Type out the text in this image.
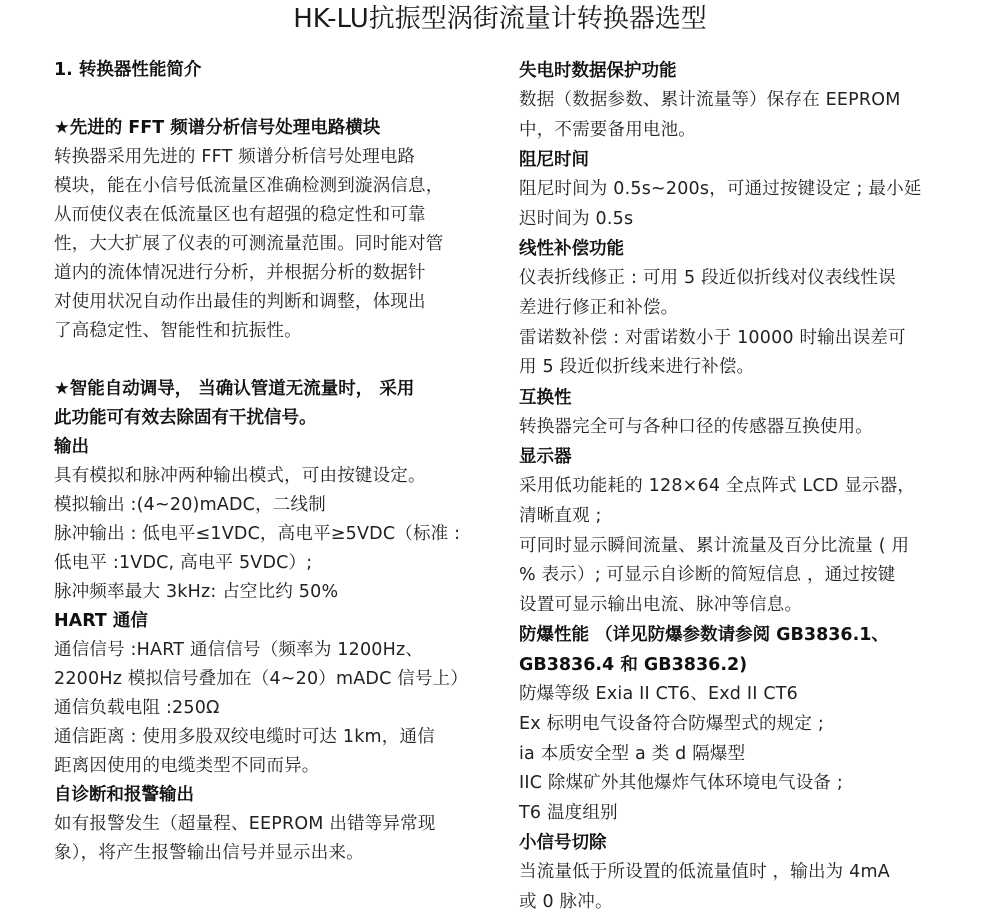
HK-LU抗振型涡街流量计转换器选型
1. 转换器性能简介
★先进的 FFT 频谱分析信号处理电路横块
转换器采用先进的 FFT 频谱分析信号处理电路
模块，能在小信号低流量区准确检测到漩涡信息，
从而使仪表在低流量区也有超强的稳定性和可靠
性，大大扩展了仪表的可测流量范围。同时能对管
道内的流体情况进行分析，并根据分析的数据针
对使用状况自动作出最佳的判断和调整，体现出
了高稳定性、智能性和抗振性。
★智能自动调导， 当确认管道无流量时， 采用
此功能可有效去除固有干扰信号。
输出
具有模拟和脉冲两种输出模式，可由按键设定。
模拟输出 :(4~20)mADC，二线制
脉冲输出 : 低电平≤1VDC，高电平≥5VDC（标准 :
低电平 :1VDC, 高电平 5VDC）;
脉冲频率最大 3kHz: 占空比约 50%
HART 通信
通信信号 :HART 通信信号（频率为 1200Hz、
2200Hz 模拟信号叠加在（4~20）mADC 信号上）
通信负载电阻 :250Ω
通信距离 : 使用多股双绞电缆时可达 1km，通信
距离因使用的电缆类型不同而异。
自诊断和报警输出
如有报警发生（超量程、EEPROM 出错等异常现
象），将产生报警输出信号并显示出来。
失电时数据保护功能
数据（数据参数、累计流量等）保存在 EEPROM
中，不需要备用电池。
阻尼时间
阻尼时间为 0.5s~200s，可通过按键设定 ; 最小延
迟时间为 0.5s
线性补偿功能
仪表折线修正 : 可用 5 段近似折线对仪表线性误
差进行修正和补偿。
雷诺数补偿 : 对雷诺数小于 10000 时输出误差可
用 5 段近似折线来进行补偿。
互换性
转换器完全可与各种口径的传感器互换使用。
显示器
采用低功能耗的 128×64 全点阵式 LCD 显示器，
清晰直观 ;
可同时显示瞬间流量、累计流量及百分比流量 ( 用
% 表示）; 可显示自诊断的简短信息 ，通过按键
设置可显示输出电流、脉冲等信息。
防爆性能 （详见防爆参数请参阅 GB3836.1、
GB3836.4 和 GB3836.2)
防爆等级 Exia II CT6、Exd II CT6
Ex 标明电气设备符合防爆型式的规定 ;
ia 本质安全型 a 类 d 隔爆型
IIC 除煤矿外其他爆炸气体环境电气设备 ;
T6 温度组别
小信号切除
当流量低于所设置的低流量值时 ，输出为 4mA
或 0 脉冲。
